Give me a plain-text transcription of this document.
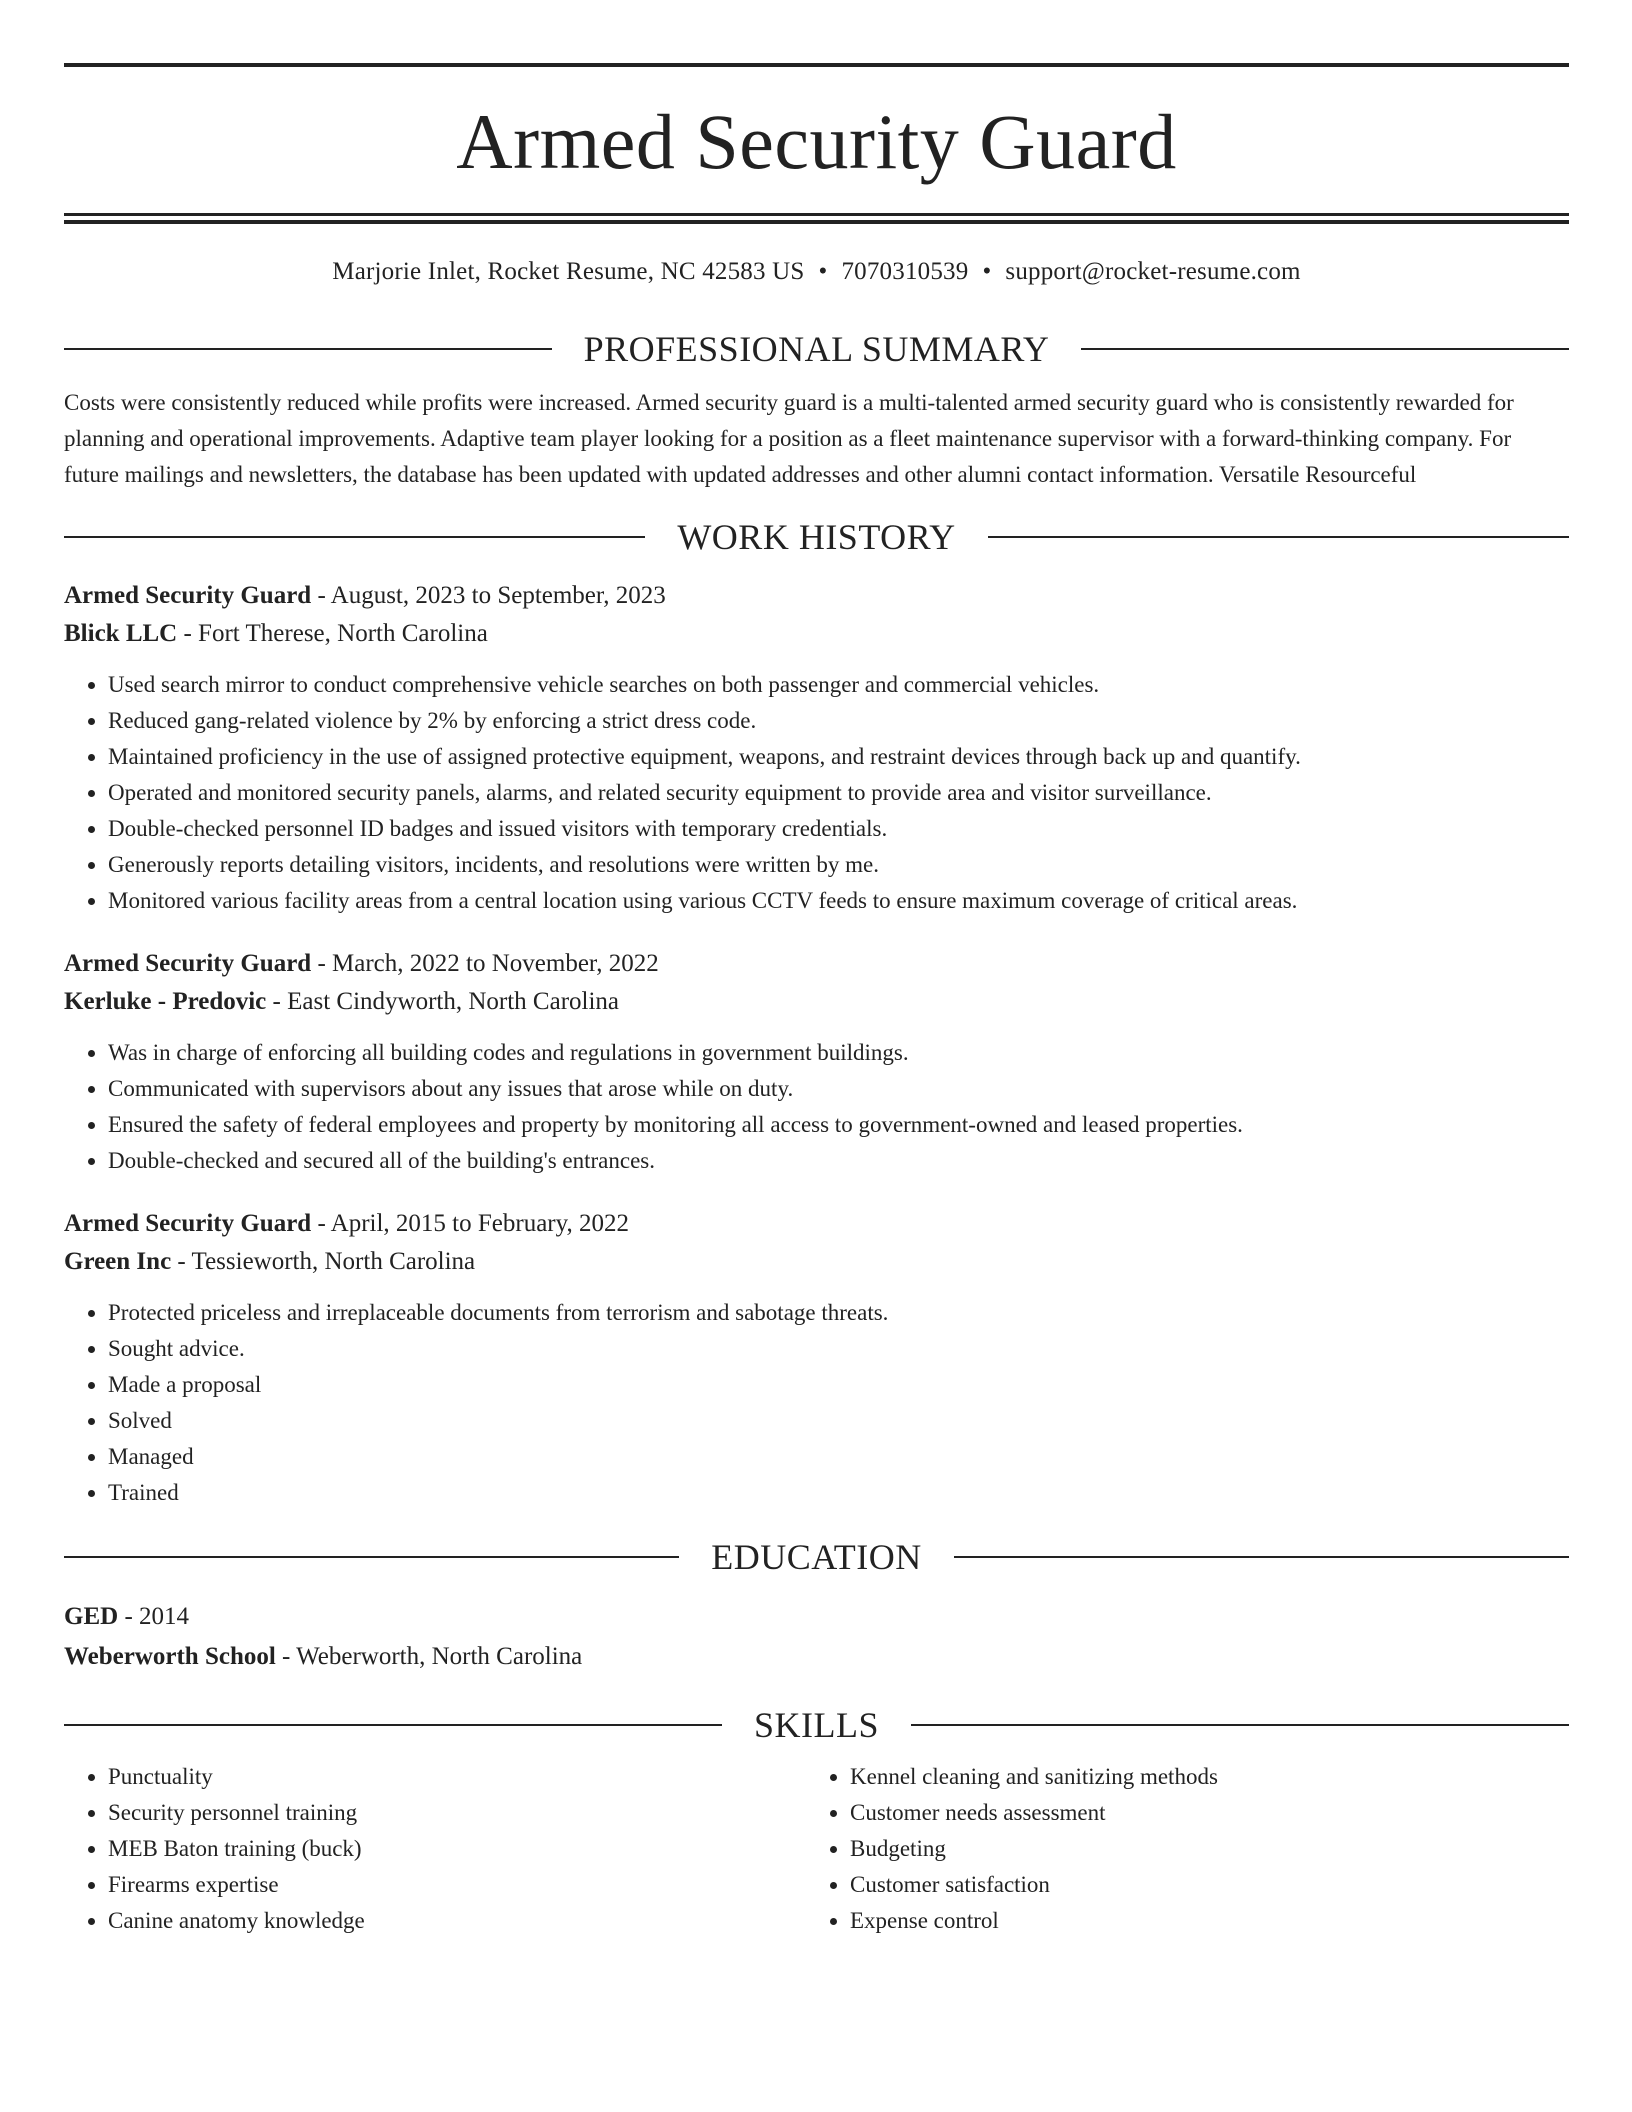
Armed Security Guard
Marjorie Inlet, Rocket Resume, NC 42583 US • 7070310539 • support@rocket-resume.com
PROFESSIONAL SUMMARY
Costs were consistently reduced while profits were increased. Armed security guard is a multi-talented armed security guard who is consistently rewarded for planning and operational improvements. Adaptive team player looking for a position as a fleet maintenance supervisor with a forward-thinking company. For future mailings and newsletters, the database has been updated with updated addresses and other alumni contact information. Versatile Resourceful
WORK HISTORY
Armed Security Guard - August, 2023 to September, 2023
Blick LLC - Fort Therese, North Carolina
• Used search mirror to conduct comprehensive vehicle searches on both passenger and commercial vehicles.
• Reduced gang-related violence by 2% by enforcing a strict dress code.
• Maintained proficiency in the use of assigned protective equipment, weapons, and restraint devices through back up and quantify.
• Operated and monitored security panels, alarms, and related security equipment to provide area and visitor surveillance.
• Double-checked personnel ID badges and issued visitors with temporary credentials.
• Generously reports detailing visitors, incidents, and resolutions were written by me.
• Monitored various facility areas from a central location using various CCTV feeds to ensure maximum coverage of critical areas.
Armed Security Guard - March, 2022 to November, 2022
Kerluke - Predovic - East Cindyworth, North Carolina
• Was in charge of enforcing all building codes and regulations in government buildings.
• Communicated with supervisors about any issues that arose while on duty.
• Ensured the safety of federal employees and property by monitoring all access to government-owned and leased properties.
• Double-checked and secured all of the building's entrances.
Armed Security Guard - April, 2015 to February, 2022
Green Inc - Tessieworth, North Carolina
• Protected priceless and irreplaceable documents from terrorism and sabotage threats.
• Sought advice.
• Made a proposal
• Solved
• Managed
• Trained
EDUCATION
GED - 2014
Weberworth School - Weberworth, North Carolina
SKILLS
• Punctuality
• Security personnel training
• MEB Baton training (buck)
• Firearms expertise
• Canine anatomy knowledge
• Kennel cleaning and sanitizing methods
• Customer needs assessment
• Budgeting
• Customer satisfaction
• Expense control
